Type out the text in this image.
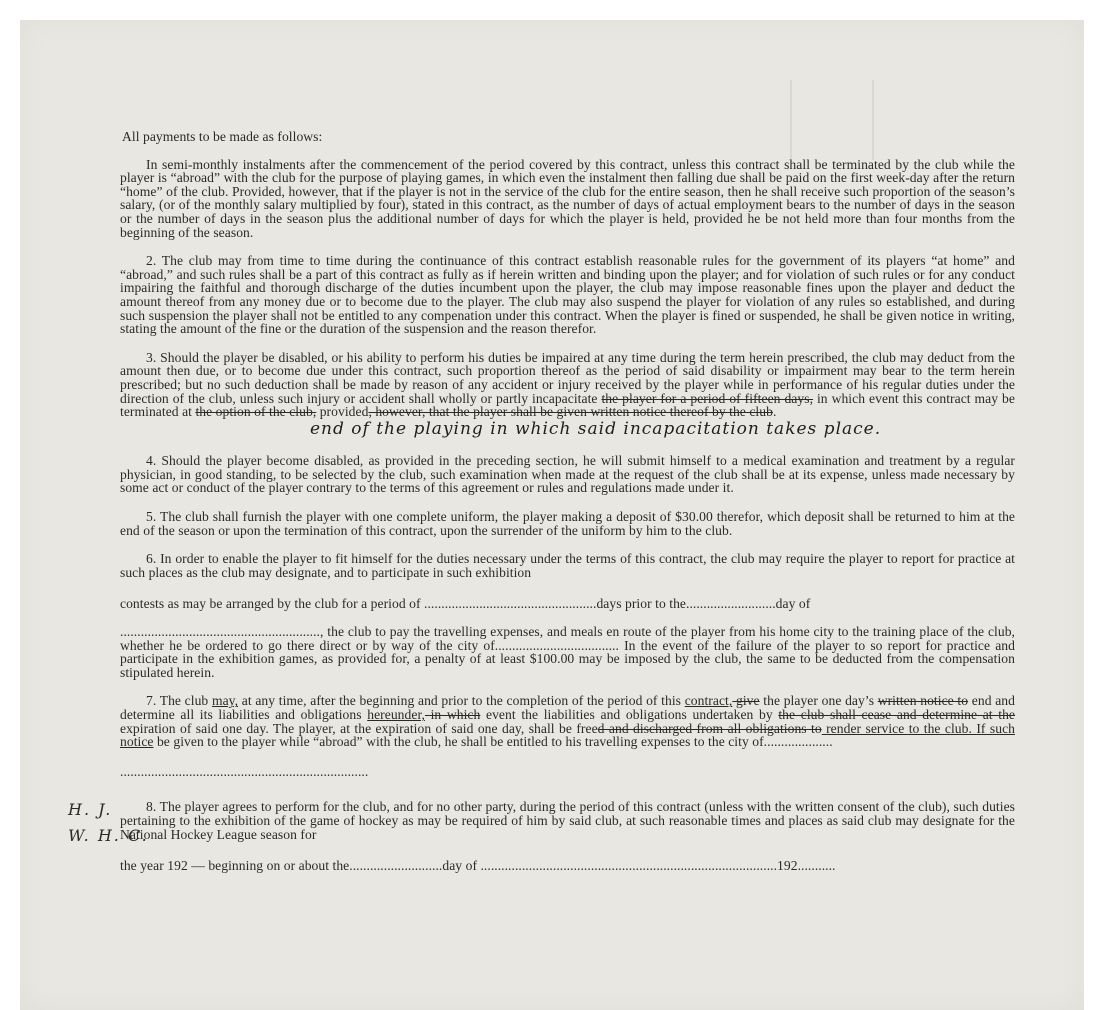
H. J.
W. H. C.

All payments to be made as follows:

In semi-monthly instalments after the commencement of the period covered by this contract, unless this contract shall be terminated by the club while the player is “abroad” with the club for the purpose of playing games, in which even the instalment then falling due shall be paid on the first week-day after the return “home” of the club. Provided, however, that if the player is not in the service of the club for the entire season, then he shall receive such proportion of the season’s salary, (or of the monthly salary multiplied by four), stated in this contract, as the number of days of actual employment bears to the number of days in the season or the number of days in the season plus the additional number of days for which the player is held, provided he be not held more than four months from the beginning of the season.

2. The club may from time to time during the continuance of this contract establish reasonable rules for the government of its players “at home” and “abroad,” and such rules shall be a part of this contract as fully as if herein written and binding upon the player; and for violation of such rules or for any conduct impairing the faithful and thorough discharge of the duties incumbent upon the player, the club may impose reasonable fines upon the player and deduct the amount thereof from any money due or to become due to the player. The club may also suspend the player for violation of any rules so established, and during such suspension the player shall not be entitled to any compenation under this contract. When the player is fined or suspended, he shall be given notice in writing, stating the amount of the fine or the duration of the suspension and the reason therefor.

3. Should the player be disabled, or his ability to perform his duties be impaired at any time during the term herein prescribed, the club may deduct from the amount then due, or to become due under this contract, such proportion thereof as the period of said disability or impairment may bear to the term herein prescribed; but no such deduction shall be made by reason of any accident or injury received by the player while in performance of his regular duties under the direction of the club, unless such injury or accident shall wholly or partly incapacitate the player for a period of fifteen days, in which event this contract may be terminated at the option of the club, provided, however, that the player shall be given written notice thereof by the club.

end of the playing in which said incapacitation takes place.

4. Should the player become disabled, as provided in the preceding section, he will submit himself to a medical examination and treatment by a regular physician, in good standing, to be selected by the club, such examination when made at the request of the club shall be at its expense, unless made necessary by some act or conduct of the player contrary to the terms of this agreement or rules and regulations made under it.

5. The club shall furnish the player with one complete uniform, the player making a deposit of $30.00 therefor, which deposit shall be returned to him at the end of the season or upon the termination of this contract, upon the surrender of the uniform by him to the club.

6. In order to enable the player to fit himself for the duties necessary under the terms of this contract, the club may require the player to report for practice at such places as the club may designate, and to participate in such exhibition

contests as may be arranged by the club for a period of ..................................................days prior to the..........................day of

.........................................................., the club to pay the travelling expenses, and meals en route of the player from his home city to the training place of the club, whether he be ordered to go there direct or by way of the city of.................................... In the event of the failure of the player to so report for practice and participate in the exhibition games, as provided for, a penalty of at least $100.00 may be imposed by the club, the same to be deducted from the compensation stipulated herein.

7. The club may, at any time, after the beginning and prior to the completion of the period of this contract, give the player one day’s written notice to end and determine all its liabilities and obligations hereunder, in which event the liabilities and obligations undertaken by the club shall cease and determine at the expiration of said one day. The player, at the expiration of said one day, shall be freed and discharged from all obligations to render service to the club. If such notice be given to the player while “abroad” with the club, he shall be entitled to his travelling expenses to the city of....................

........................................................................

8. The player agrees to perform for the club, and for no other party, during the period of this contract (unless with the written consent of the club), such duties pertaining to the exhibition of the game of hockey as may be required of him by said club, at such reasonable times and places as said club may designate for the National Hockey League season for

the year 192 — beginning on or about the...........................day of ......................................................................................192...........
